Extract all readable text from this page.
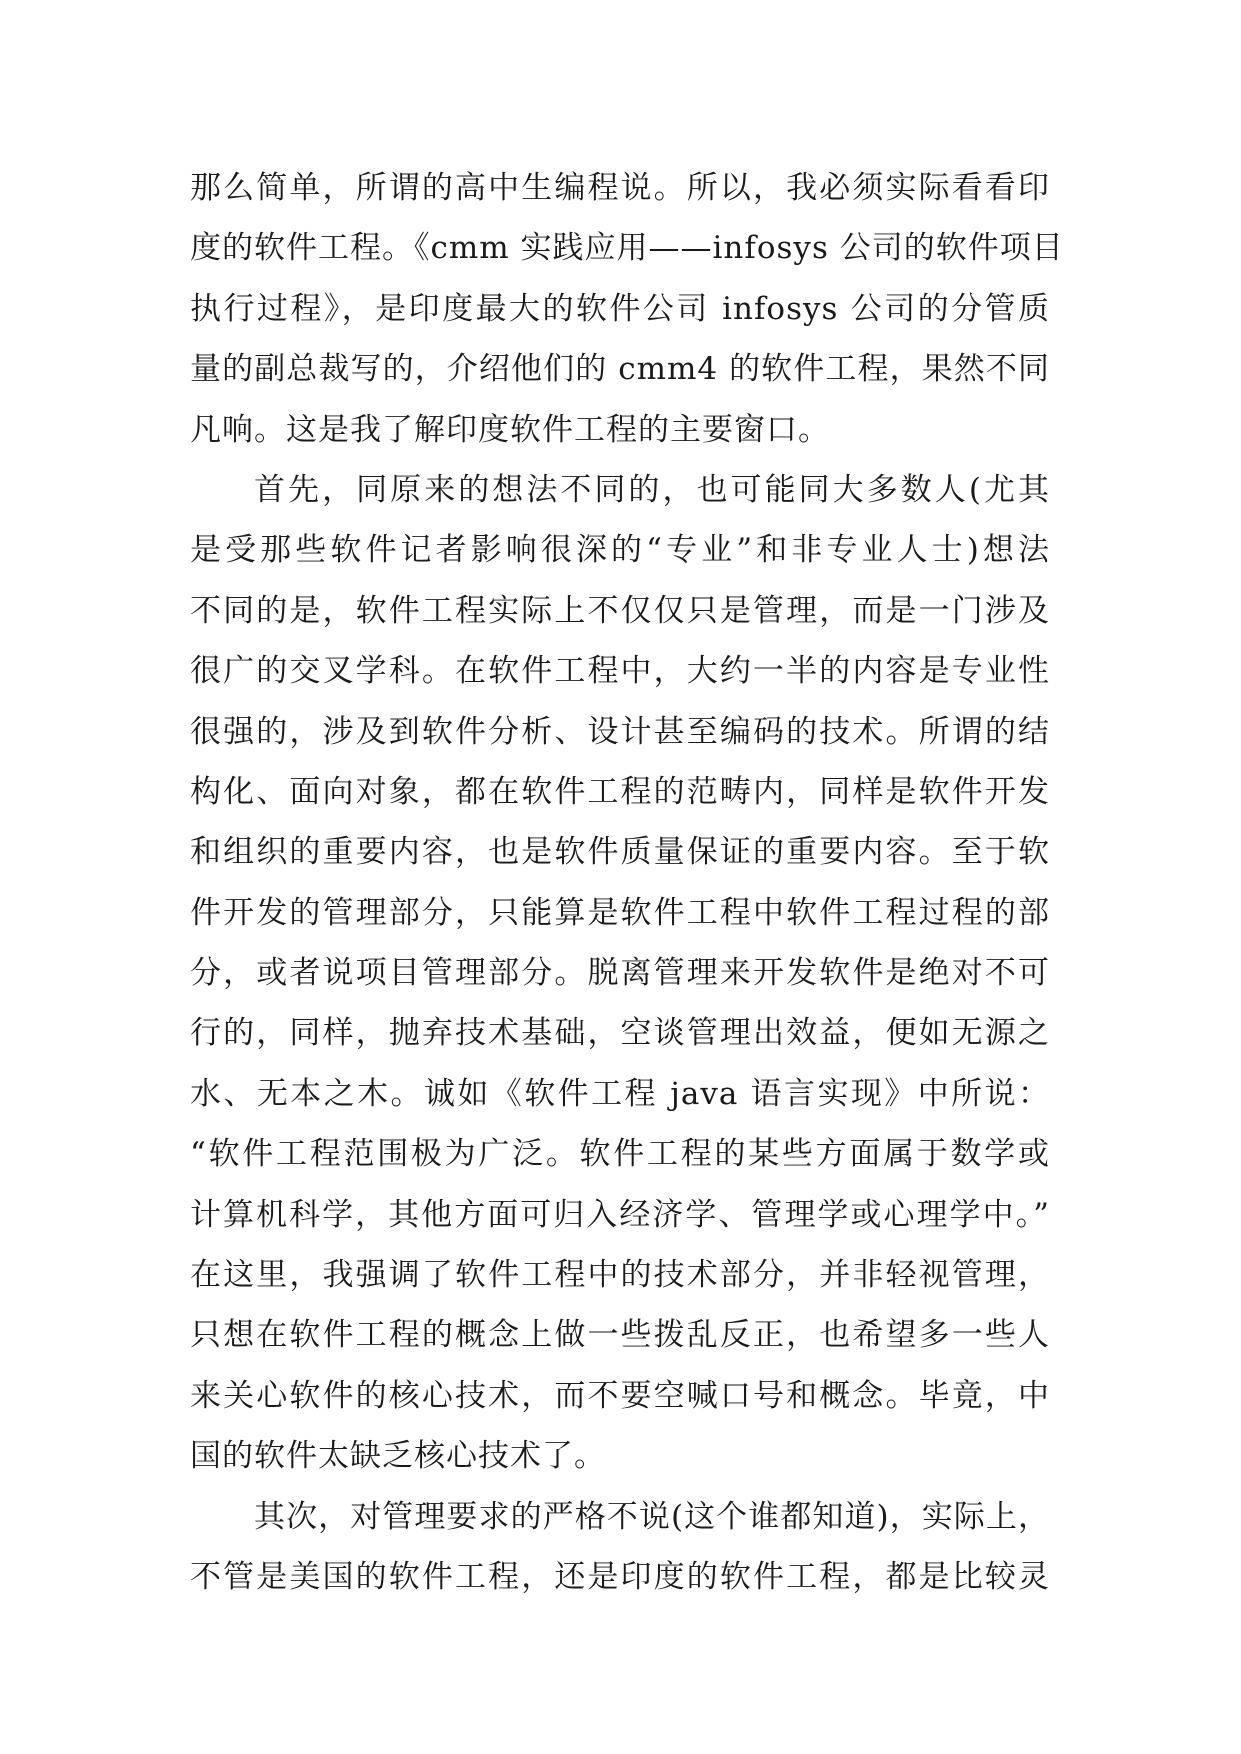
那么简单，所谓的高中生编程说。所以，我必须实际看看印
度的软件工程。《cmm 实践应用——infosys 公司的软件项目
执行过程》，是印度最大的软件公司 infosys 公司的分管质
量的副总裁写的，介绍他们的 cmm4 的软件工程，果然不同
凡响。这是我了解印度软件工程的主要窗口。
首先，同原来的想法不同的，也可能同大多数人(尤其
是受那些软件记者影响很深的“专业”和非专业人士)想法
不同的是，软件工程实际上不仅仅只是管理，而是一门涉及
很广的交叉学科。在软件工程中，大约一半的内容是专业性
很强的，涉及到软件分析、设计甚至编码的技术。所谓的结
构化、面向对象，都在软件工程的范畴内，同样是软件开发
和组织的重要内容，也是软件质量保证的重要内容。至于软
件开发的管理部分，只能算是软件工程中软件工程过程的部
分，或者说项目管理部分。脱离管理来开发软件是绝对不可
行的，同样，抛弃技术基础，空谈管理出效益，便如无源之
水、无本之木。诚如《软件工程 java 语言实现》中所说：
“软件工程范围极为广泛。软件工程的某些方面属于数学或
计算机科学，其他方面可归入经济学、管理学或心理学中。”
在这里，我强调了软件工程中的技术部分，并非轻视管理，
只想在软件工程的概念上做一些拨乱反正，也希望多一些人
来关心软件的核心技术，而不要空喊口号和概念。毕竟，中
国的软件太缺乏核心技术了。
其次，对管理要求的严格不说(这个谁都知道)，实际上，
不管是美国的软件工程，还是印度的软件工程，都是比较灵
